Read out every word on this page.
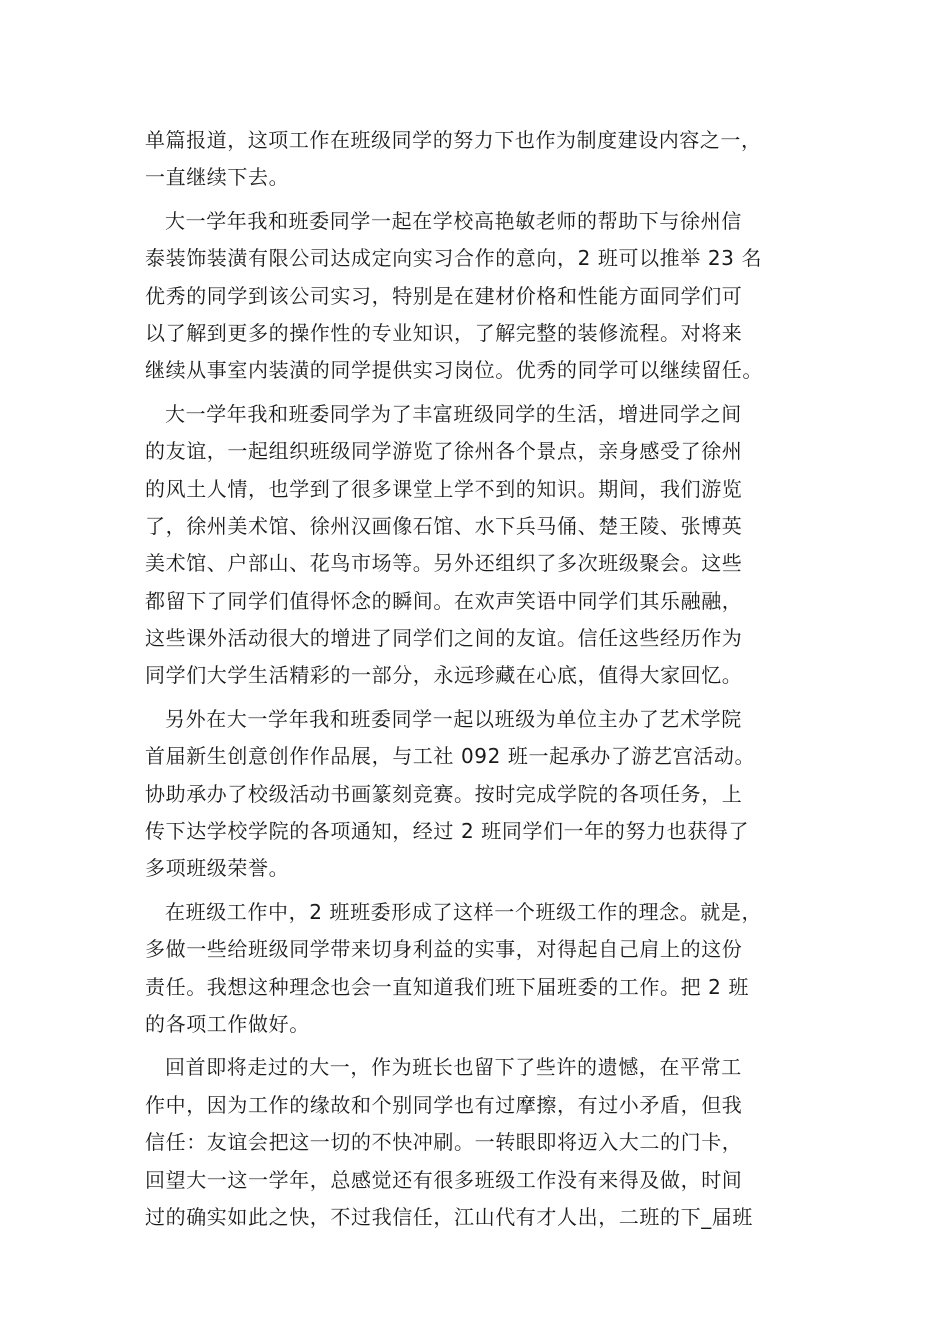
单篇报道，这项工作在班级同学的努力下也作为制度建设内容之一，
一直继续下去。
大一学年我和班委同学一起在学校高艳敏老师的帮助下与徐州信
泰装饰装潢有限公司达成定向实习合作的意向，2 班可以推举 23 名
优秀的同学到该公司实习，特别是在建材价格和性能方面同学们可
以了解到更多的操作性的专业知识，了解完整的装修流程。对将来
继续从事室内装潢的同学提供实习岗位。优秀的同学可以继续留任。
大一学年我和班委同学为了丰富班级同学的生活，增进同学之间
的友谊，一起组织班级同学游览了徐州各个景点，亲身感受了徐州
的风土人情，也学到了很多课堂上学不到的知识。期间，我们游览
了，徐州美术馆、徐州汉画像石馆、水下兵马俑、楚王陵、张博英
美术馆、户部山、花鸟市场等。另外还组织了多次班级聚会。这些
都留下了同学们值得怀念的瞬间。在欢声笑语中同学们其乐融融，
这些课外活动很大的增进了同学们之间的友谊。信任这些经历作为
同学们大学生活精彩的一部分，永远珍藏在心底，值得大家回忆。
另外在大一学年我和班委同学一起以班级为单位主办了艺术学院
首届新生创意创作作品展，与工社 092 班一起承办了游艺宫活动。
协助承办了校级活动书画篆刻竞赛。按时完成学院的各项任务，上
传下达学校学院的各项通知，经过 2 班同学们一年的努力也获得了
多项班级荣誉。
在班级工作中，2 班班委形成了这样一个班级工作的理念。就是，
多做一些给班级同学带来切身利益的实事，对得起自己肩上的这份
责任。我想这种理念也会一直知道我们班下届班委的工作。把 2 班
的各项工作做好。
回首即将走过的大一，作为班长也留下了些许的遗憾，在平常工
作中，因为工作的缘故和个别同学也有过摩擦，有过小矛盾，但我
信任：友谊会把这一切的不快冲刷。一转眼即将迈入大二的门卡，
回望大一这一学年，总感觉还有很多班级工作没有来得及做，时间
过的确实如此之快，不过我信任，江山代有才人出，二班的下_届班
